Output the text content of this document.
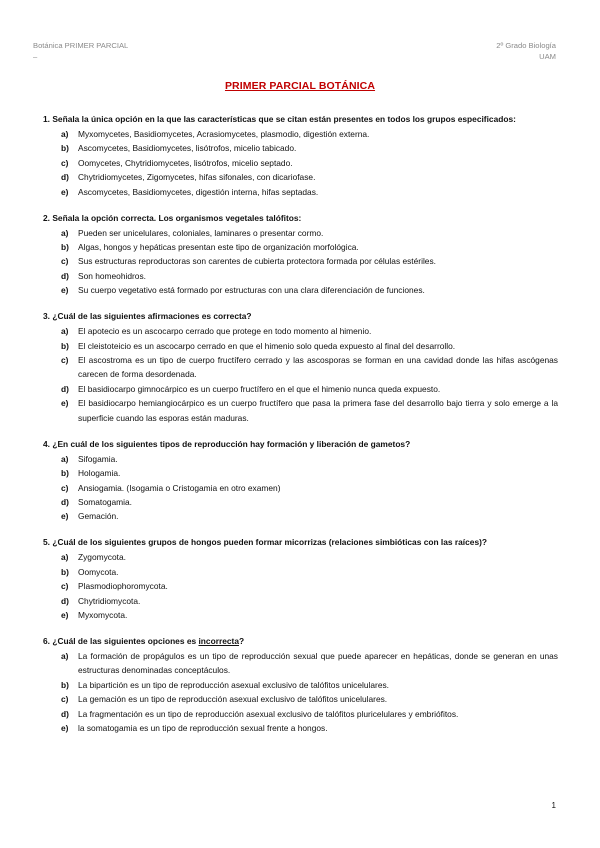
Botánica PRIMER PARCIAL
–
2º Grado Biología
UAM
PRIMER PARCIAL BOTÁNICA
1. Señala la única opción en la que las características que se citan están presentes en todos los grupos especificados:
a) Myxomycetes, Basidiomycetes, Acrasiomycetes, plasmodio, digestión externa.
b) Ascomycetes, Basidiomycetes, lisótrofos, micelio tabicado.
c) Oomycetes, Chytridiomycetes, lisótrofos, micelio septado.
d) Chytridiomycetes, Zigomycetes, hifas sifonales, con dicariofase.
e) Ascomycetes, Basidiomycetes, digestión interna, hifas septadas.
2. Señala la opción correcta. Los organismos vegetales talófitos:
a) Pueden ser unicelulares, coloniales, laminares o presentar cormo.
b) Algas, hongos y hepáticas presentan este tipo de organización morfológica.
c) Sus estructuras reproductoras son carentes de cubierta protectora formada por células estériles.
d) Son homeohidros.
e) Su cuerpo vegetativo está formado por estructuras con una clara diferenciación de funciones.
3. ¿Cuál de las siguientes afirmaciones es correcta?
a) El apotecio es un ascocarpo cerrado que protege en todo momento al himenio.
b) El cleistoteicio es un ascocarpo cerrado en que el himenio solo queda expuesto al final del desarrollo.
c) El ascostroma es un tipo de cuerpo fructífero cerrado y las ascosporas se forman en una cavidad donde las hifas ascógenas carecen de forma desordenada.
d) El basidiocarpo gimnocárpico es un cuerpo fructífero en el que el himenio nunca queda expuesto.
e) El basidiocarpo hemiangiocárpico es un cuerpo fructífero que pasa la primera fase del desarrollo bajo tierra y solo emerge a la superficie cuando las esporas están maduras.
4. ¿En cuál de los siguientes tipos de reproducción hay formación y liberación de gametos?
a) Sifogamia.
b) Hologamia.
c) Ansiogamia. (Isogamia o Cristogamia en otro examen)
d) Somatogamia.
e) Gemación.
5. ¿Cuál de los siguientes grupos de hongos pueden formar micorrizas (relaciones simbióticas con las raíces)?
a) Zygomycota.
b) Oomycota.
c) Plasmodiophoromycota.
d) Chytridiomycota.
e) Myxomycota.
6. ¿Cuál de las siguientes opciones es incorrecta?
a) La formación de propágulos es un tipo de reproducción sexual que puede aparecer en hepáticas, donde se generan en unas estructuras denominadas conceptáculos.
b) La bipartición es un tipo de reproducción asexual exclusivo de talófitos unicelulares.
c) La gemación es un tipo de reproducción asexual exclusivo de talófitos unicelulares.
d) La fragmentación es un tipo de reproducción asexual exclusivo de talófitos pluricelulares y embriófitos.
e) la somatogamia es un tipo de reproducción sexual frente a hongos.
1
